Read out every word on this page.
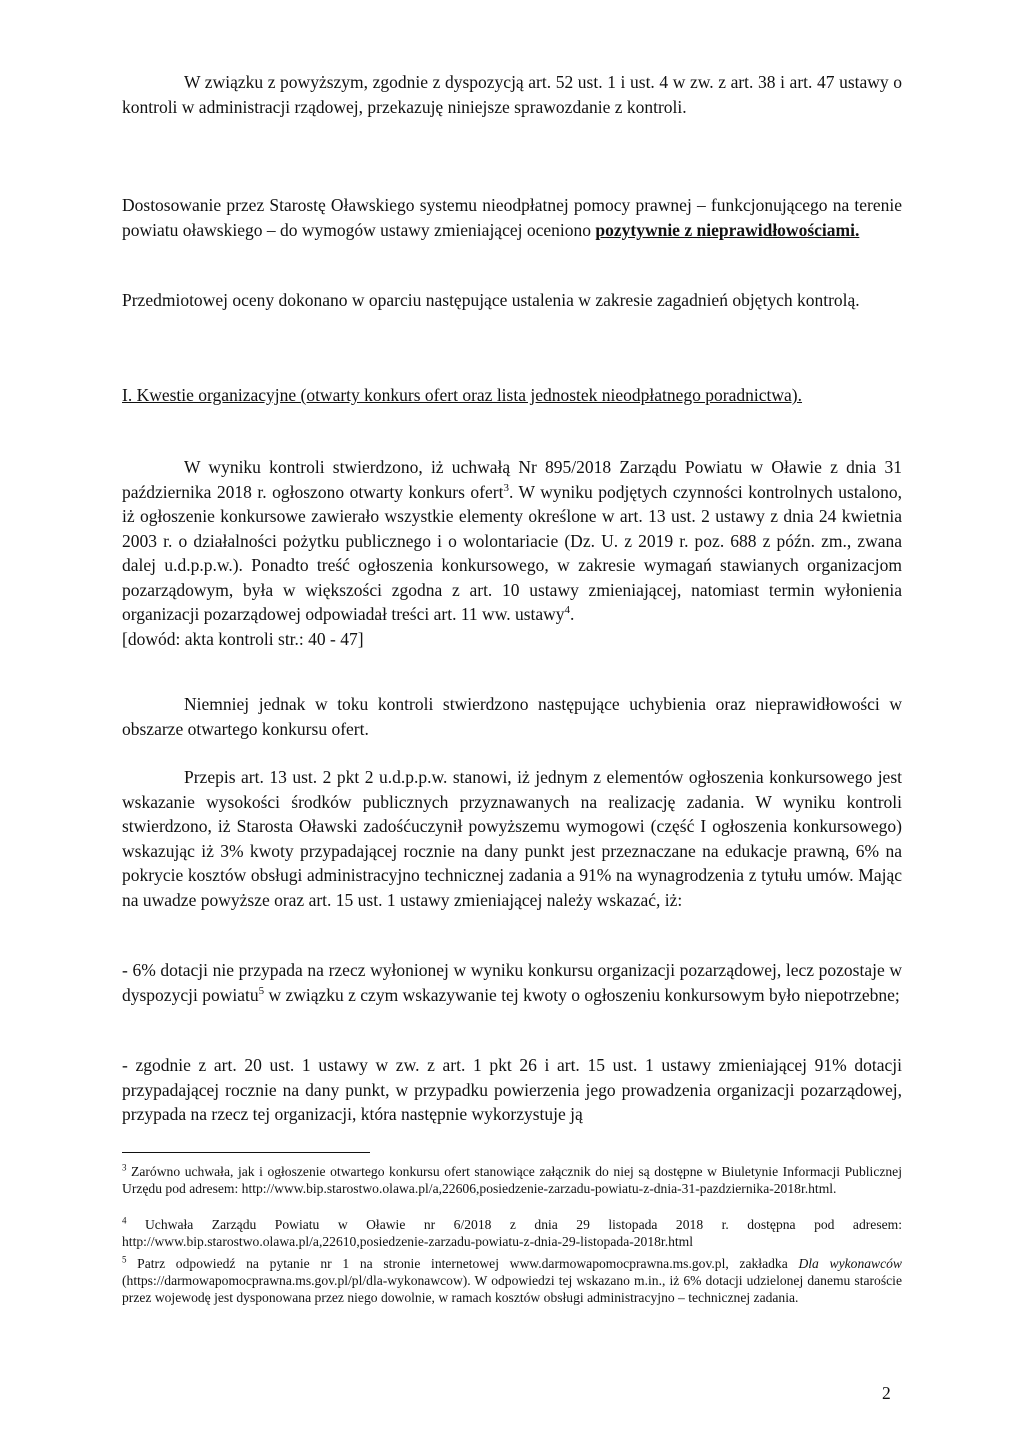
W związku z powyższym, zgodnie z dyspozycją art. 52 ust. 1 i ust. 4 w zw. z art. 38 i art. 47 ustawy o kontroli w administracji rządowej, przekazuję niniejsze sprawozdanie z kontroli.

Dostosowanie przez Starostę Oławskiego systemu nieodpłatnej pomocy prawnej – funkcjonującego na terenie powiatu oławskiego – do wymogów ustawy zmieniającej oceniono pozytywnie z nieprawidłowościami.

Przedmiotowej oceny dokonano w oparciu następujące ustalenia w zakresie zagadnień objętych kontrolą.

I. Kwestie organizacyjne (otwarty konkurs ofert oraz lista jednostek nieodpłatnego poradnictwa).

W wyniku kontroli stwierdzono, iż uchwałą Nr 895/2018 Zarządu Powiatu w Oławie z dnia 31 października 2018 r. ogłoszono otwarty konkurs ofert$^3$. W wyniku podjętych czynności kontrolnych ustalono, iż ogłoszenie konkursowe zawierało wszystkie elementy określone w art. 13 ust. 2 ustawy z dnia 24 kwietnia 2003 r. o działalności pożytku publicznego i o wolontariacie (Dz. U. z 2019 r. poz. 688 z późn. zm., zwana dalej u.d.p.p.w.). Ponadto treść ogłoszenia konkursowego, w zakresie wymagań stawianych organizacjom pozarządowym, była w większości zgodna z art. 10 ustawy zmieniającej, natomiast termin wyłonienia organizacji pozarządowej odpowiadał treści art. 11 ww. ustawy$^4$.
[dowód: akta kontroli str.: 40 - 47]

Niemniej jednak w toku kontroli stwierdzono następujące uchybienia oraz nieprawidłowości w obszarze otwartego konkursu ofert.

Przepis art. 13 ust. 2 pkt 2 u.d.p.p.w. stanowi, iż jednym z elementów ogłoszenia konkursowego jest wskazanie wysokości środków publicznych przyznawanych na realizację zadania. W wyniku kontroli stwierdzono, iż Starosta Oławski zadośćuczynił powyższemu wymogowi (część I ogłoszenia konkursowego) wskazując iż 3% kwoty przypadającej rocznie na dany punkt jest przeznaczane na edukacje prawną, 6% na pokrycie kosztów obsługi administracyjno technicznej zadania a 91% na wynagrodzenia z tytułu umów. Mając na uwadze powyższe oraz art. 15 ust. 1 ustawy zmieniającej należy wskazać, iż:

- 6% dotacji nie przypada na rzecz wyłonionej w wyniku konkursu organizacji pozarządowej, lecz pozostaje w dyspozycji powiatu$^5$ w związku z czym wskazywanie tej kwoty o ogłoszeniu konkursowym było niepotrzebne;

- zgodnie z art. 20 ust. 1 ustawy w zw. z art. 1 pkt 26 i art. 15 ust. 1 ustawy zmieniającej 91% dotacji przypadającej rocznie na dany punkt, w przypadku powierzenia jego prowadzenia organizacji pozarządowej, przypada na rzecz tej organizacji, która następnie wykorzystuje ją

$^3$ Zarówno uchwała, jak i ogłoszenie otwartego konkursu ofert stanowiące załącznik do niej są dostępne w Biuletynie Informacji Publicznej Urzędu pod adresem: http://www.bip.starostwo.olawa.pl/a,22606,posiedzenie-zarzadu-powiatu-z-dnia-31-pazdziernika-2018r.html.

$^4$ Uchwała Zarządu Powiatu w Oławie nr 6/2018 z dnia 29 listopada 2018 r. dostępna pod adresem: http://www.bip.starostwo.olawa.pl/a,22610,posiedzenie-zarzadu-powiatu-z-dnia-29-listopada-2018r.html

$^5$ Patrz odpowiedź na pytanie nr 1 na stronie internetowej www.darmowapomocprawna.ms.gov.pl, zakładka Dla wykonawców (https://darmowapomocprawna.ms.gov.pl/pl/dla-wykonawcow). W odpowiedzi tej wskazano m.in., iż 6% dotacji udzielonej danemu staroście przez wojewodę jest dysponowana przez niego dowolnie, w ramach kosztów obsługi administracyjno – technicznej zadania.

2
